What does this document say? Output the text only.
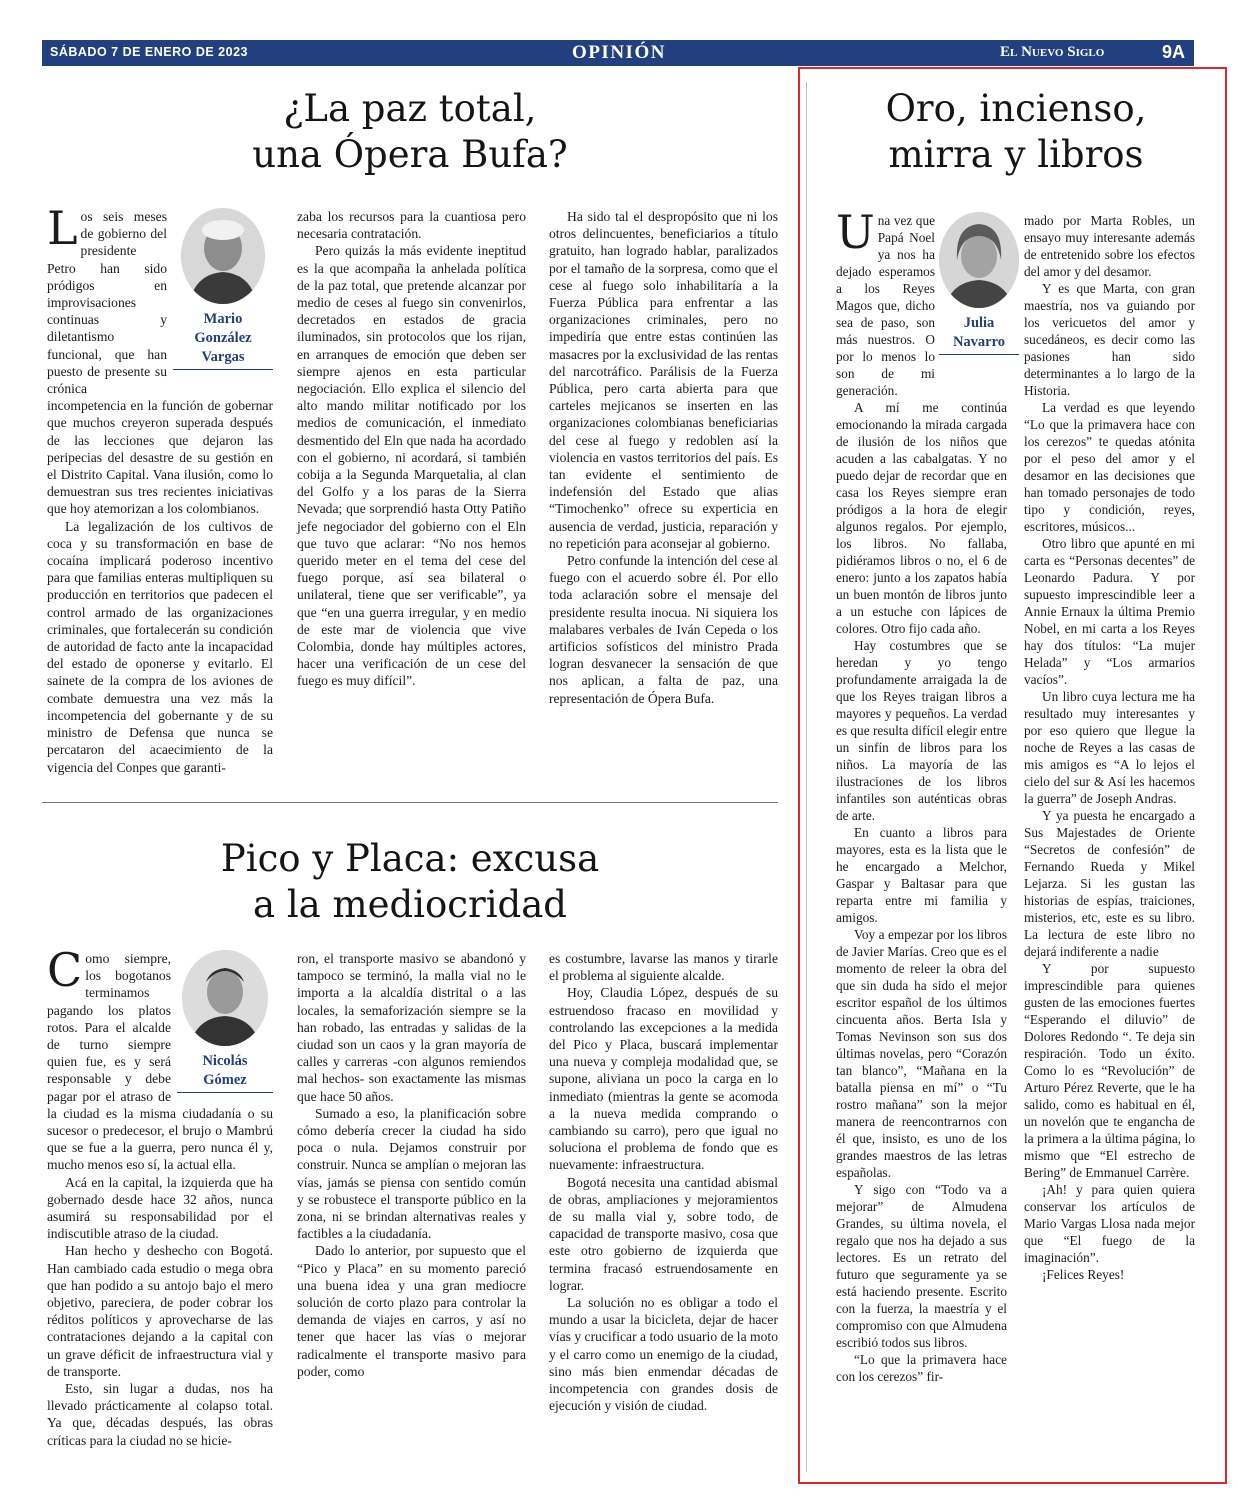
SÁBADO 7 DE ENERO DE 2023	OPINIÓN	El Nuevo Siglo	9A
¿La paz total,
una Ópera Bufa?
Mario
González
Vargas

Los seis meses de gobierno del presidente Petro han sido pródigos en improvisaciones continuas y diletantismo funcional, que han puesto de presente su crónica incompetencia en la función de gobernar que muchos creyeron superada después de las lecciones que dejaron las peripecias del desastre de su gestión en el Distrito Capital. Vana ilusión, como lo demuestran sus tres recientes iniciativas que hoy atemorizan a los colombianos.

La legalización de los cultivos de coca y su transformación en base de cocaína implicará poderoso incentivo para que familias enteras multipliquen su producción en territorios que padecen el control armado de las organizaciones criminales, que fortalecerán su condición de autoridad de facto ante la incapacidad del estado de oponerse y evitarlo. El sainete de la compra de los aviones de combate demuestra una vez más la incompetencia del gobernante y de su ministro de Defensa que nunca se percataron del acaecimiento de la vigencia del Conpes que garanti-

zaba los recursos para la cuantiosa pero necesaria contratación.

Pero quizás la más evidente ineptitud es la que acompaña la anhelada política de la paz total, que pretende alcanzar por medio de ceses al fuego sin convenirlos, decretados en estados de gracia iluminados, sin protocolos que los rijan, en arranques de emoción que deben ser siempre ajenos en esta particular negociación. Ello explica el silencio del alto mando militar notificado por los medios de comunicación, el inmediato desmentido del Eln que nada ha acordado con el gobierno, ni acordará, si también cobija a la Segunda Marquetalia, al clan del Golfo y a los paras de la Sierra Nevada; que sorprendió hasta Otty Patiño jefe negociador del gobierno con el Eln que tuvo que aclarar: “No nos hemos querido meter en el tema del cese del fuego porque, así sea bilateral o unilateral, tiene que ser verificable”, ya que “en una guerra irregular, y en medio de este mar de violencia que vive Colombia, donde hay múltiples actores, hacer una verificación de un cese del fuego es muy difícil”.

Ha sido tal el despropósito que ni los otros delincuentes, beneficiarios a título gratuito, han logrado hablar, paralizados por el tamaño de la sorpresa, como que el cese al fuego solo inhabilitaría a la Fuerza Pública para enfrentar a las organizaciones criminales, pero no impediría que entre estas continúen las masacres por la exclusividad de las rentas del narcotráfico. Parálisis de la Fuerza Pública, pero carta abierta para que carteles mejicanos se inserten en las organizaciones colombianas beneficiarias del cese al fuego y redoblen así la violencia en vastos territorios del país. Es tan evidente el sentimiento de indefensión del Estado que alias “Timochenko” ofrece su experticia en ausencia de verdad, justicia, reparación y no repetición para aconsejar al gobierno.

Petro confunde la intención del cese al fuego con el acuerdo sobre él. Por ello toda aclaración sobre el mensaje del presidente resulta inocua. Ni siquiera los malabares verbales de Iván Cepeda o los artificios sofísticos del ministro Prada logran desvanecer la sensación de que nos aplican, a falta de paz, una representación de Ópera Bufa.

Pico y Placa: excusa
a la mediocridad
Nicolás
Gómez

Como siempre, los bogotanos terminamos pagando los platos rotos. Para el alcalde de turno siempre quien fue, es y será responsable y debe pagar por el atraso de la ciudad es la misma ciudadanía o su sucesor o predecesor, el brujo o Mambrú que se fue a la guerra, pero nunca él y, mucho menos eso sí, la actual ella.

Acá en la capital, la izquierda que ha gobernado desde hace 32 años, nunca asumirá su responsabilidad por el indiscutible atraso de la ciudad.

Han hecho y deshecho con Bogotá. Han cambiado cada estudio o mega obra que han podido a su antojo bajo el mero objetivo, pareciera, de poder cobrar los réditos políticos y aprovecharse de las contrataciones dejando a la capital con un grave déficit de infraestructura vial y de transporte.

Esto, sin lugar a dudas, nos ha llevado prácticamente al colapso total. Ya que, décadas después, las obras críticas para la ciudad no se hicie-

ron, el transporte masivo se abandonó y tampoco se terminó, la malla vial no le importa a la alcaldía distrital o a las locales, la semaforización siempre se la han robado, las entradas y salidas de la ciudad son un caos y la gran mayoría de calles y carreras -con algunos remiendos mal hechos- son exactamente las mismas que hace 50 años.

Sumado a eso, la planificación sobre cómo debería crecer la ciudad ha sido poca o nula. Dejamos construir por construir. Nunca se amplían o mejoran las vías, jamás se piensa con sentido común y se robustece el transporte público en la zona, ni se brindan alternativas reales y factibles a la ciudadanía.

Dado lo anterior, por supuesto que el “Pico y Placa” en su momento pareció una buena idea y una gran mediocre solución de corto plazo para controlar la demanda de viajes en carros, y así no tener que hacer las vías o mejorar radicalmente el transporte masivo para poder, como

es costumbre, lavarse las manos y tirarle el problema al siguiente alcalde.

Hoy, Claudia López, después de su estruendoso fracaso en movilidad y controlando las excepciones a la medida del Pico y Placa, buscará implementar una nueva y compleja modalidad que, se supone, aliviana un poco la carga en lo inmediato (mientras la gente se acomoda a la nueva medida comprando o cambiando su carro), pero que igual no soluciona el problema de fondo que es nuevamente: infraestructura.

Bogotá necesita una cantidad abismal de obras, ampliaciones y mejoramientos de su malla vial y, sobre todo, de capacidad de transporte masivo, cosa que este otro gobierno de izquierda que termina fracasó estruendosamente en lograr.

La solución no es obligar a todo el mundo a usar la bicicleta, dejar de hacer vías y crucificar a todo usuario de la moto y el carro como un enemigo de la ciudad, sino más bien enmendar décadas de incompetencia con grandes dosis de ejecución y visión de ciudad.

Oro, incienso,
mirra y libros
Julia
Navarro

Una vez que Papá Noel ya nos ha dejado esperamos a los Reyes Magos que, dicho sea de paso, son más nuestros. O por lo menos lo son de mi generación.

A mí me continúa emocionando la mirada cargada de ilusión de los niños que acuden a las cabalgatas. Y no puedo dejar de recordar que en casa los Reyes siempre eran pródigos a la hora de elegir algunos regalos. Por ejemplo, los libros. No fallaba, pidiéramos libros o no, el 6 de enero: junto a los zapatos había un buen montón de libros junto a un estuche con lápices de colores. Otro fijo cada año.

Hay costumbres que se heredan y yo tengo profundamente arraigada la de que los Reyes traigan libros a mayores y pequeños. La verdad es que resulta difícil elegir entre un sinfín de libros para los niños. La mayoría de las ilustraciones de los libros infantiles son auténticas obras de arte.

En cuanto a libros para mayores, esta es la lista que le he encargado a Melchor, Gaspar y Baltasar para que reparta entre mi familia y amigos.

Voy a empezar por los libros de Javier Marías. Creo que es el momento de releer la obra del que sin duda ha sido el mejor escritor español de los últimos cincuenta años. Berta Isla y Tomas Nevinson son sus dos últimas novelas, pero “Corazón tan blanco”, “Mañana en la batalla piensa en mí” o “Tu rostro mañana” son la mejor manera de reencontrarnos con él que, insisto, es uno de los grandes maestros de las letras españolas.

Y sigo con “Todo va a mejorar” de Almudena Grandes, su última novela, el regalo que nos ha dejado a sus lectores. Es un retrato del futuro que seguramente ya se está haciendo presente. Escrito con la fuerza, la maestría y el compromiso con que Almudena escribió todos sus libros.

“Lo que la primavera hace con los cerezos” fir-

mado por Marta Robles, un ensayo muy interesante además de entretenido sobre los efectos del amor y del desamor.

Y es que Marta, con gran maestría, nos va guiando por los vericuetos del amor y sucedáneos, es decir como las pasiones han sido determinantes a lo largo de la Historia.

La verdad es que leyendo “Lo que la primavera hace con los cerezos” te quedas atónita por el peso del amor y el desamor en las decisiones que han tomado personajes de todo tipo y condición, reyes, escritores, músicos...

Otro libro que apunté en mi carta es “Personas decentes” de Leonardo Padura. Y por supuesto imprescindible leer a Annie Ernaux la última Premio Nobel, en mi carta a los Reyes hay dos títulos: “La mujer Helada” y “Los armarios vacíos”.

Un libro cuya lectura me ha resultado muy interesantes y por eso quiero que llegue la noche de Reyes a las casas de mis amigos es “A lo lejos el cielo del sur & Así les hacemos la guerra” de Joseph Andras.

Y ya puesta he encargado a Sus Majestades de Oriente “Secretos de confesión” de Fernando Rueda y Mikel Lejarza. Si les gustan las historias de espías, traiciones, misterios, etc, este es su libro. La lectura de este libro no dejará indiferente a nadie

Y por supuesto imprescindible para quienes gusten de las emociones fuertes “Esperando el diluvio” de Dolores Redondo “. Te deja sin respiración. Todo un éxito. Como lo es “Revolución” de Arturo Pérez Reverte, que le ha salido, como es habitual en él, un novelón que te engancha de la primera a la última página, lo mismo que “El estrecho de Bering” de Emmanuel Carrère.

¡Ah! y para quien quiera conservar los artículos de Mario Vargas Llosa nada mejor que “El fuego de la imaginación”.

¡Felices Reyes!
